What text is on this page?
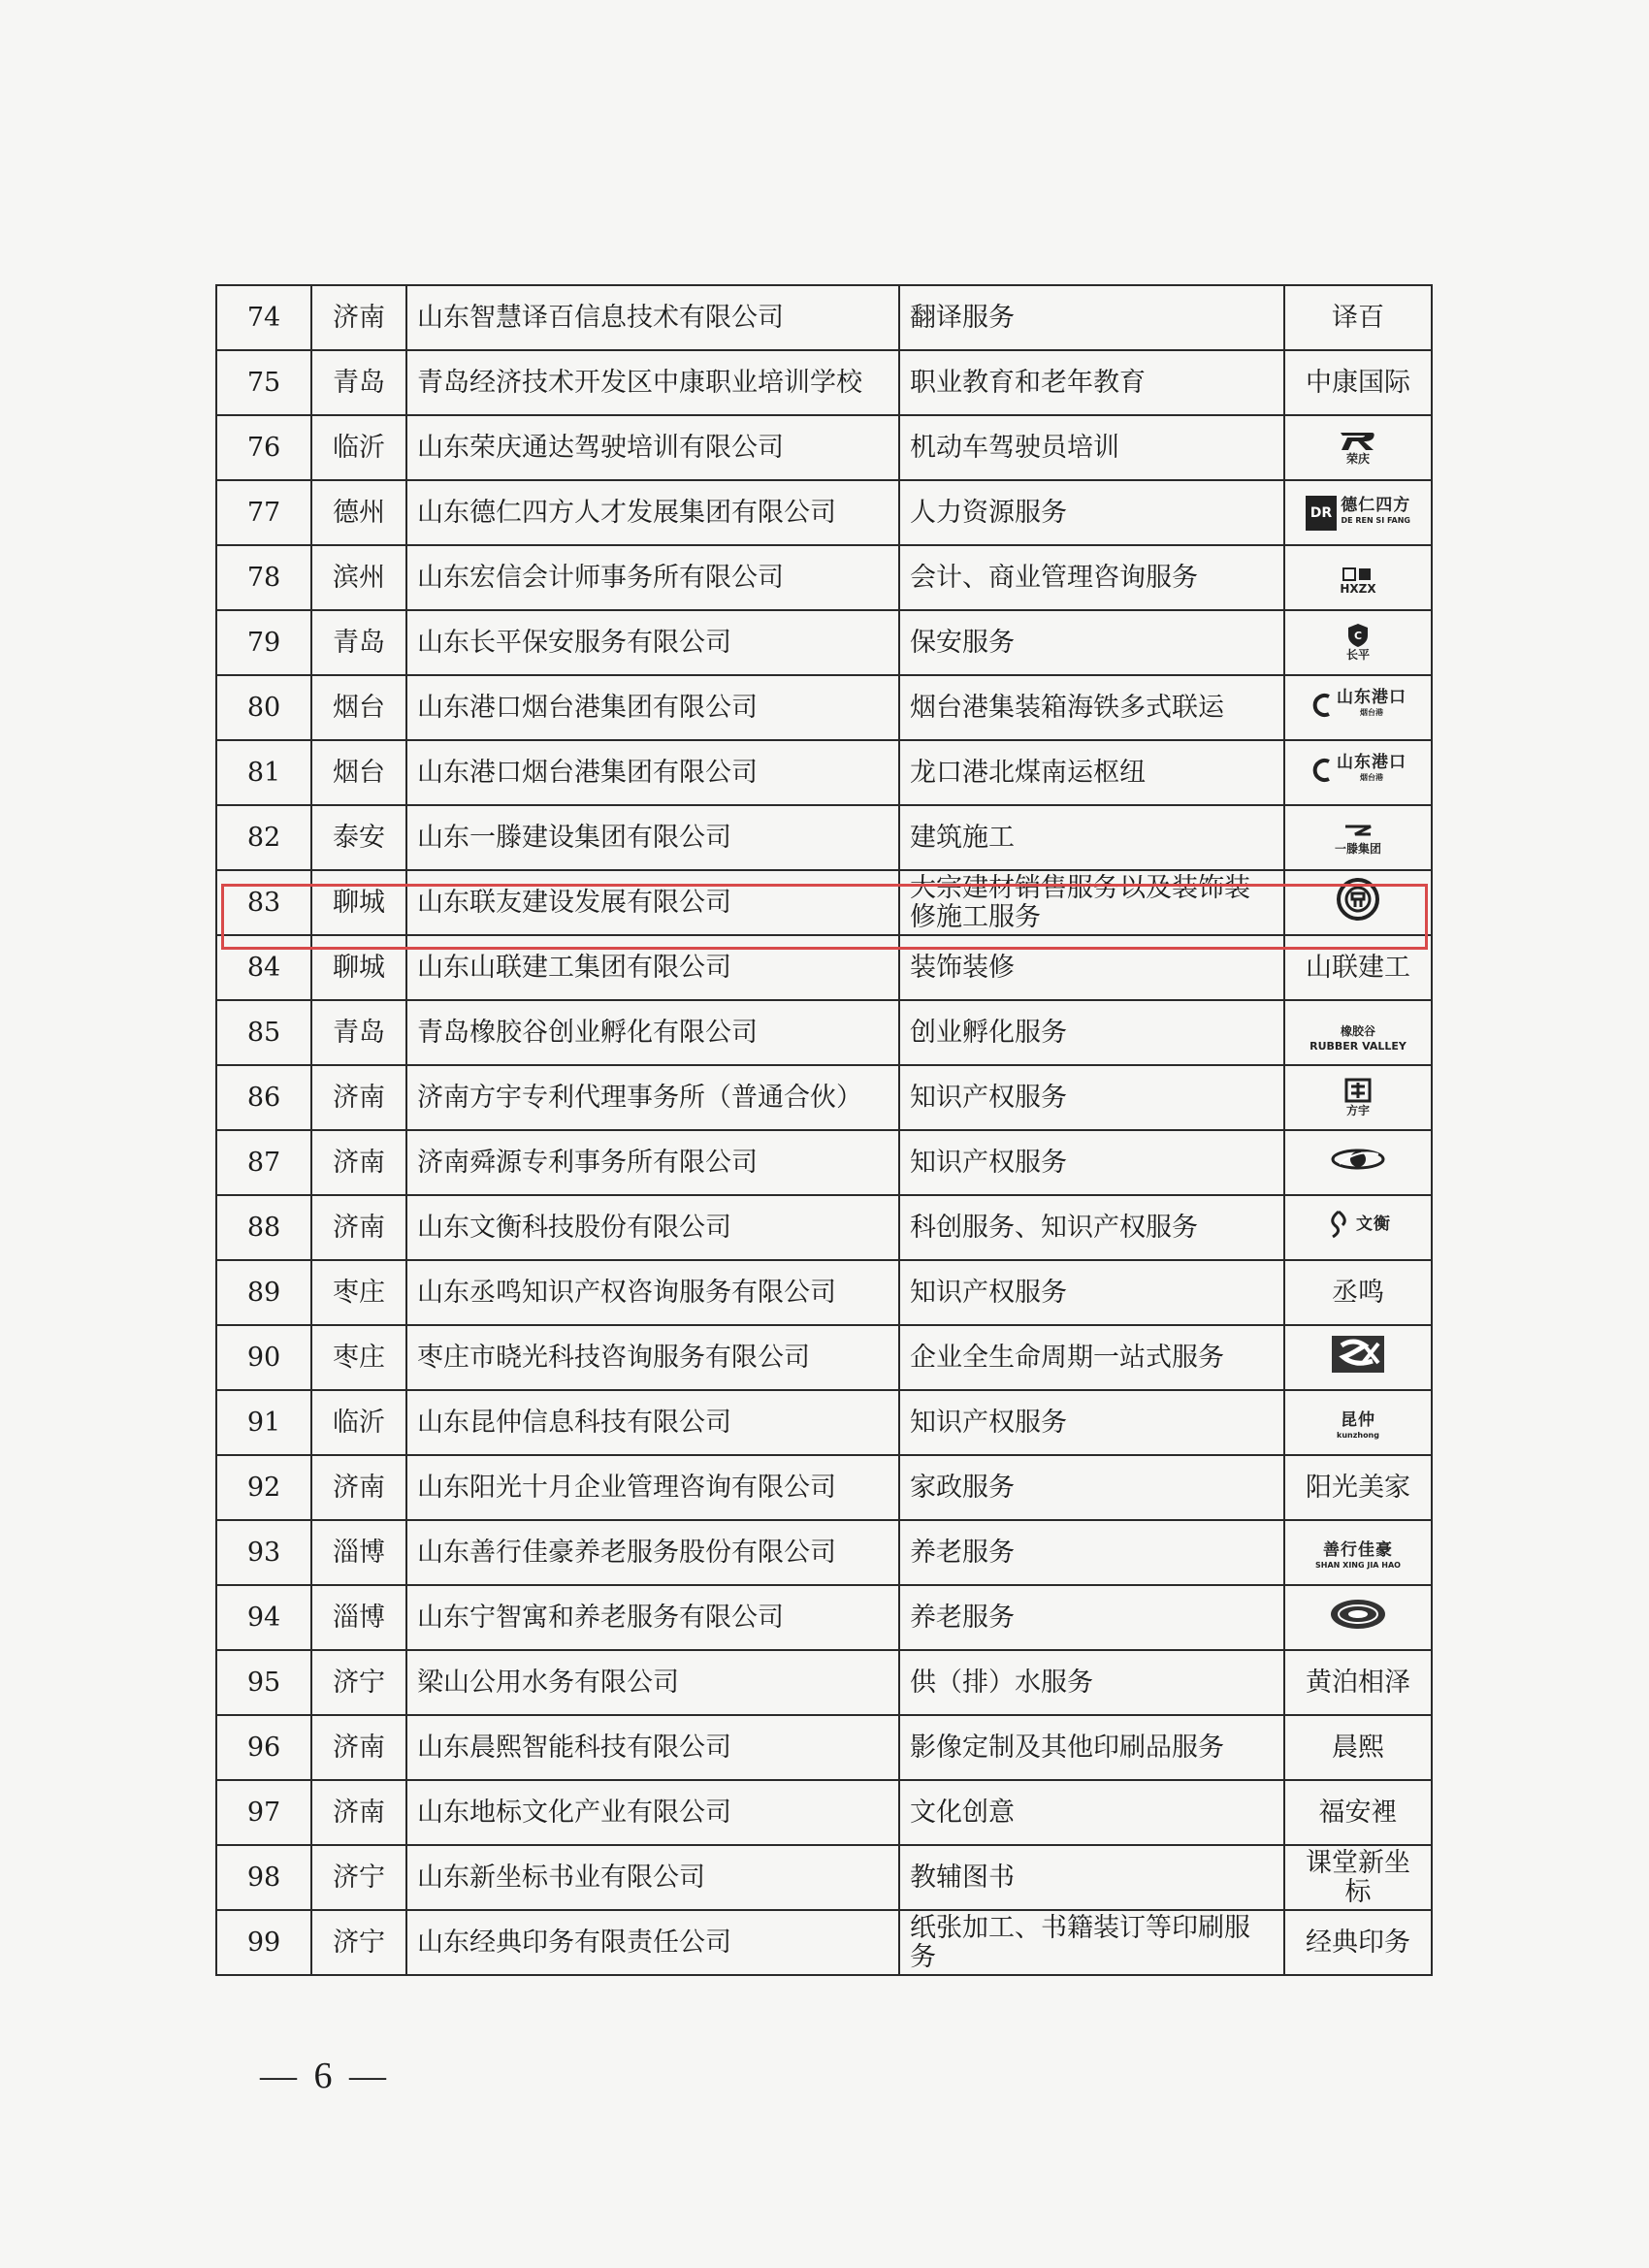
74	济南	山东智慧译百信息技术有限公司	翻译服务	译百
75	青岛	青岛经济技术开发区中康职业培训学校	职业教育和老年教育	中康国际
76	临沂	山东荣庆通达驾驶培训有限公司	机动车驾驶员培训	荣庆

77	德州	山东德仁四方人才发展集团有限公司	人力资源服务	DR 德仁四方
DE REN SI FANG

78	滨州	山东宏信会计师事务所有限公司	会计、商业管理咨询服务	HXZX

79	青岛	山东长平保安服务有限公司	保安服务	C
长平

80	烟台	山东港口烟台港集团有限公司	烟台港集装箱海铁多式联运	山东港口
烟台港

81	烟台	山东港口烟台港集团有限公司	龙口港北煤南运枢纽	山东港口
烟台港

82	泰安	山东一滕建设集团有限公司	建筑施工	一滕集团

83	聊城	山东联友建设发展有限公司	大宗建材销售服务以及装饰装修施工服务	

84	聊城	山东山联建工集团有限公司	装饰装修	山联建工
85	青岛	青岛橡胶谷创业孵化有限公司	创业孵化服务	橡胶谷
RUBBER VALLEY

86	济南	济南方宇专利代理事务所（普通合伙）	知识产权服务	方宇

87	济南	济南舜源专利事务所有限公司	知识产权服务	

88	济南	山东文衡科技股份有限公司	科创服务、知识产权服务	文衡

89	枣庄	山东丞鸣知识产权咨询服务有限公司	知识产权服务	丞鸣
90	枣庄	枣庄市晓光科技咨询服务有限公司	企业全生命周期一站式服务	

91	临沂	山东昆仲信息科技有限公司	知识产权服务	昆仲
kunzhong

92	济南	山东阳光十月企业管理咨询有限公司	家政服务	阳光美家
93	淄博	山东善行佳豪养老服务股份有限公司	养老服务	善行佳豪
SHAN XING JIA HAO

94	淄博	山东宁智寓和养老服务有限公司	养老服务	

95	济宁	梁山公用水务有限公司	供（排）水服务	黄泊相泽
96	济南	山东晨熙智能科技有限公司	影像定制及其他印刷品服务	晨熙
97	济南	山东地标文化产业有限公司	文化创意	福安裡
98	济宁	山东新坐标书业有限公司	教辅图书	课堂新坐标
99	济宁	山东经典印务有限责任公司	纸张加工、书籍装订等印刷服务	经典印务
— 6 —
